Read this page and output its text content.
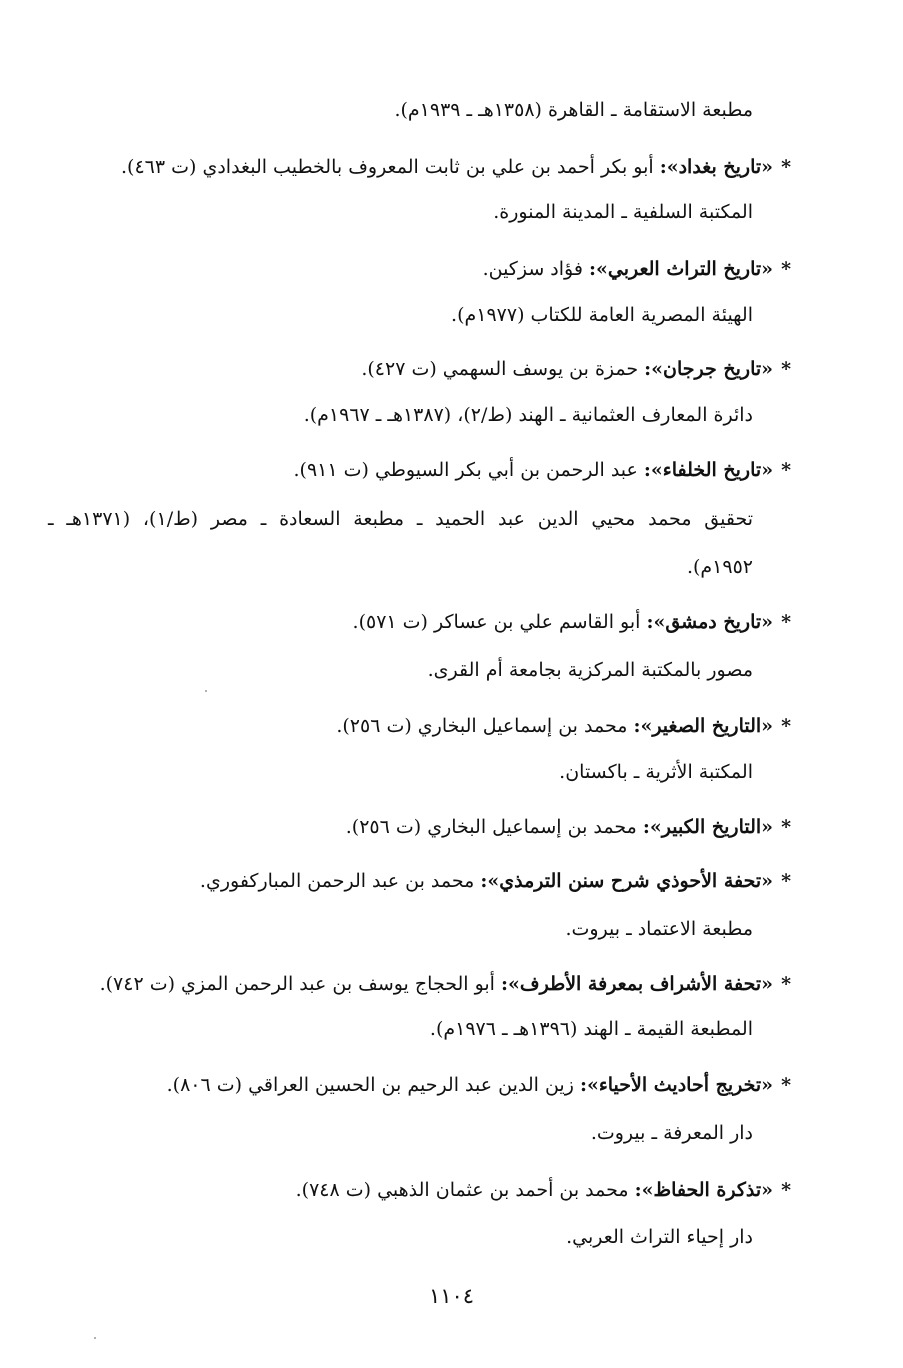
مطبعة الاستقامة ـ القاهرة (١٣٥٨هـ ـ ١٩٣٩م).
*«تاريخ بغداد»: أبو بكر أحمد بن علي بن ثابت المعروف بالخطيب البغدادي (ت ٤٦٣).
المكتبة السلفية ـ المدينة المنورة.
*«تاريخ التراث العربي»: فؤاد سزكين.
الهيئة المصرية العامة للكتاب (١٩٧٧م).
*«تاريخ جرجان»: حمزة بن يوسف السهمي (ت ٤٢٧).
دائرة المعارف العثمانية ـ الهند (ط/٢)، (١٣٨٧هـ ـ ١٩٦٧م).
*«تاريخ الخلفاء»: عبد الرحمن بن أبي بكر السيوطي (ت ٩١١).
تحقيق محمد محيي الدين عبد الحميد ـ مطبعة السعادة ـ مصر (ط/١)، (١٣٧١هـ ـ
١٩٥٢م).
*«تاريخ دمشق»: أبو القاسم علي بن عساكر (ت ٥٧١).
مصور بالمكتبة المركزية بجامعة أم القرى.
*«التاريخ الصغير»: محمد بن إسماعيل البخاري (ت ٢٥٦).
المكتبة الأثرية ـ باكستان.
*«التاريخ الكبير»: محمد بن إسماعيل البخاري (ت ٢٥٦).
*«تحفة الأحوذي شرح سنن الترمذي»: محمد بن عبد الرحمن المباركفوري.
مطبعة الاعتماد ـ بيروت.
*«تحفة الأشراف بمعرفة الأطرف»: أبو الحجاج يوسف بن عبد الرحمن المزي (ت ٧٤٢).
المطبعة القيمة ـ الهند (١٣٩٦هـ ـ ١٩٧٦م).
*«تخريج أحاديث الأحياء»: زين الدين عبد الرحيم بن الحسين العراقي (ت ٨٠٦).
دار المعرفة ـ بيروت.
*«تذكرة الحفاظ»: محمد بن أحمد بن عثمان الذهبي (ت ٧٤٨).
دار إحياء التراث العربي.
١١٠٤
